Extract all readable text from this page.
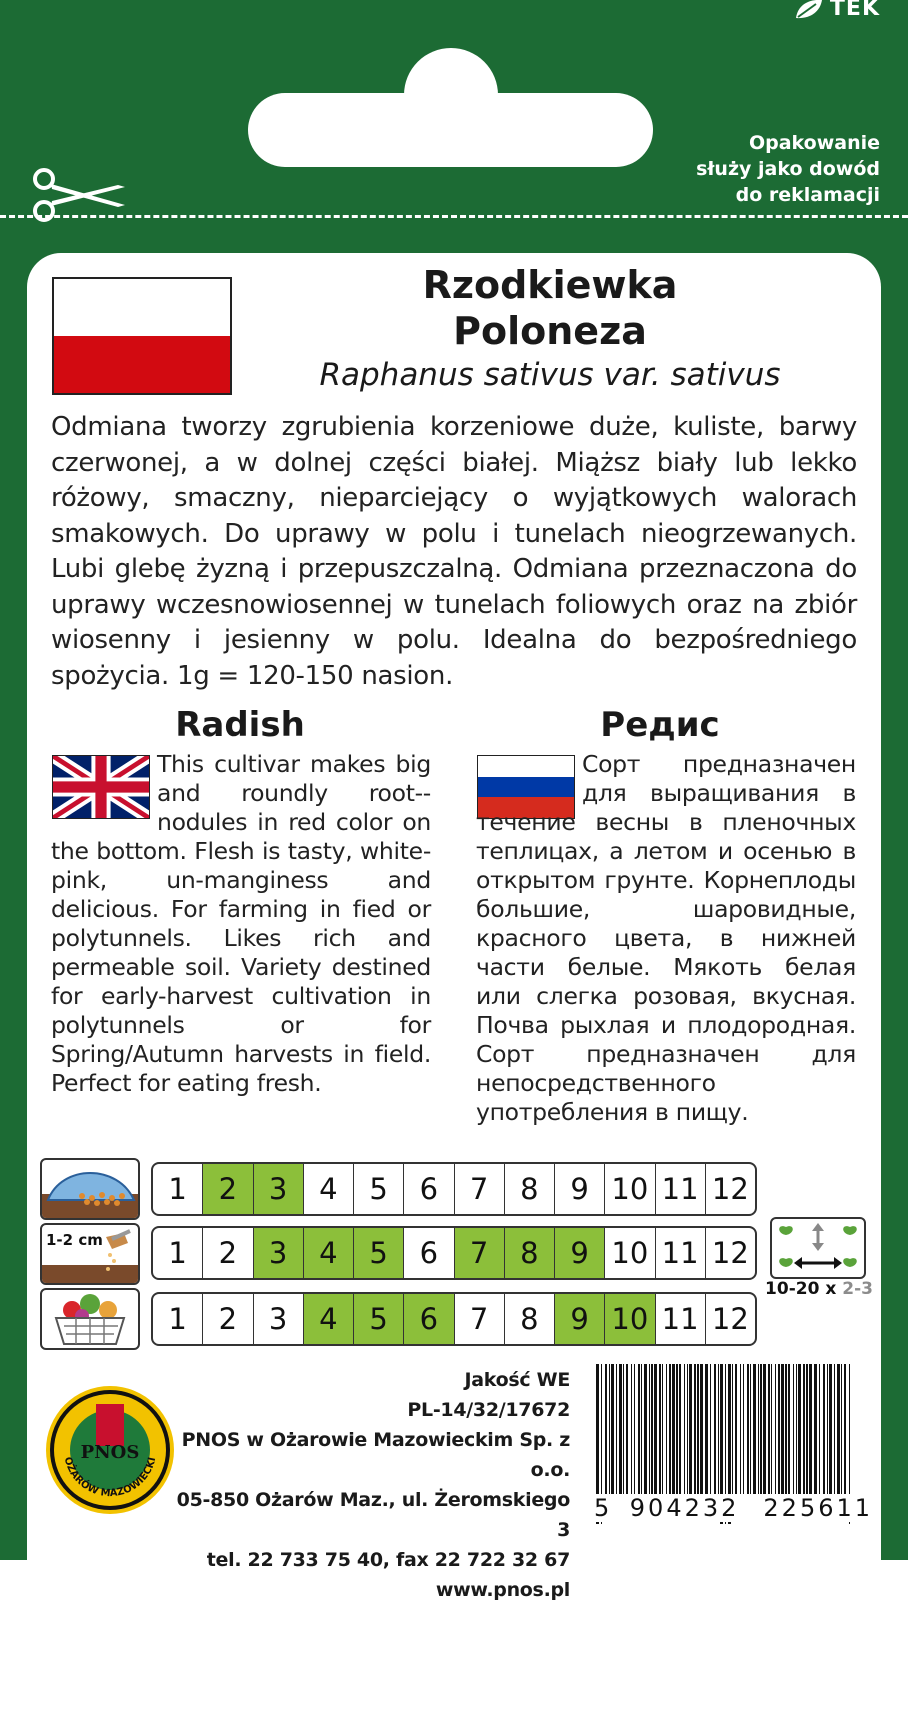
TEK
Opakowanie
służy jako dowód
do reklamacji
Rzodkiewka
Poloneza
Raphanus sativus var. sativus
Odmiana tworzy zgrubienia korzeniowe duże, kuliste, barwy czerwonej, a w dolnej części białej. Miąższ biały lub lekko różowy, smaczny, nieparciejący o wyjątkowych walorach smakowych. Do uprawy w polu i tunelach nieogrzewanych. Lubi glebę żyzną i przepuszczalną. Odmiana przeznaczona do uprawy wczesnowiosennej w tunelach foliowych oraz na zbiór wiosenny i jesienny w polu. Idealna do bezpośredniego spożycia. 1g = 120-150 nasion.
Radish	Редис
This cultivar makes big and roundly root--nodules in red color on the bottom. Flesh is tasty, white-pink, un-manginess and delicious. For farming in fied or polytunnels. Likes rich and permeable soil. Variety destined for early-harvest cultivation in polytunnels or for Spring/Autumn harvests in field. Perfect for eating fresh.
Сорт предназначен для выращивания в течение весны в пленочных теплицах, а летом и осенью в открытом грунте. Корнеплоды большие, шаровидные, красного цвета, в нижней части белые. Мякоть белая или слегка розовая, вкусная. Почва рыхлая и плодородная. Сорт предназначен для непосредственного употребления в пищу.
1-2 cm
1	2	3	4	5	6	7	8	9 10 11 12
1	2	3	4	5	6	7	8	9 10 11 12
1	2	3	4	5	6	7	8	9 10 11 12
10-20 x 2-3
PNOS
OŻARÓW MAZOWIECKI
Jakość WE
PL-14/32/17672
PNOS w Ożarowie Mazowieckim Sp. z o.o.
05-850 Ożarów Maz., ul. Żeromskiego 3
tel. 22 733 75 40, fax 22 722 32 67
www.pnos.pl
5 904232 225611
